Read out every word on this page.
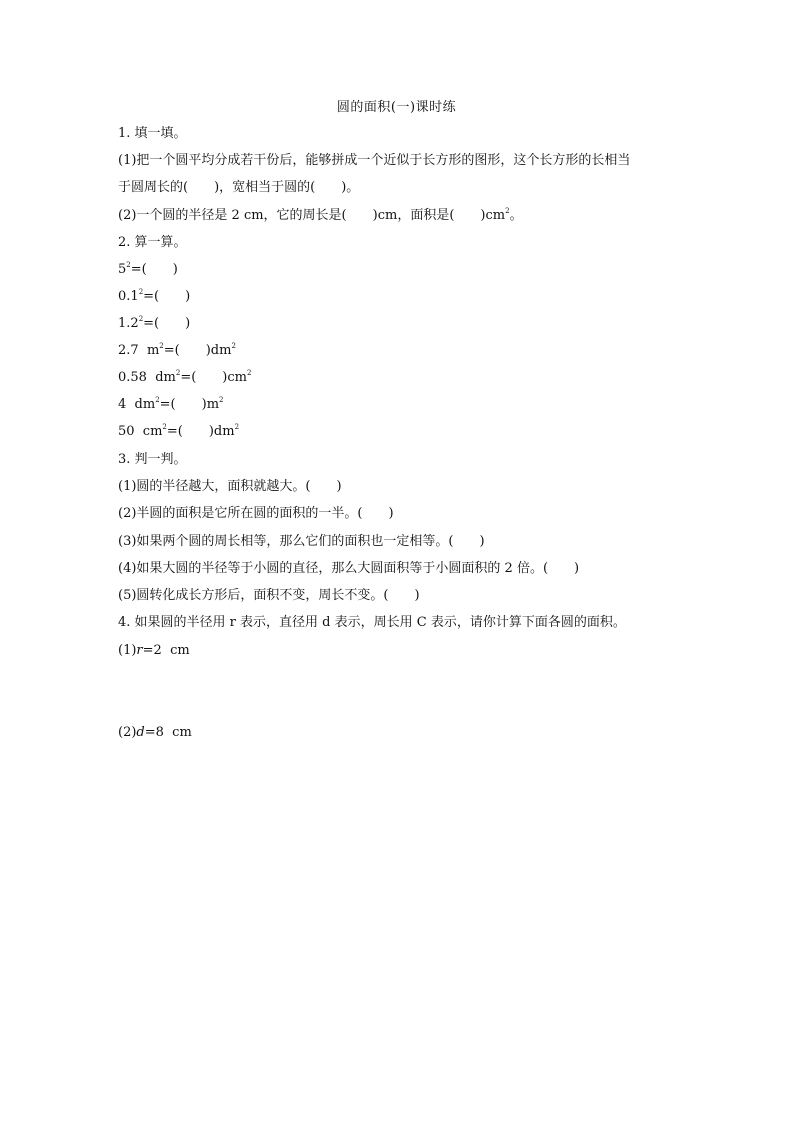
圆的面积(一)课时练
1. 填一填。
(1)把一个圆平均分成若干份后，能够拼成一个近似于长方形的图形，这个长方形的长相当
于圆周长的( )，宽相当于圆的( )。
(2)一个圆的半径是 2 cm，它的周长是( )cm，面积是( )$cm^2$。
2. 算一算。
$5^2=$( )
$0.1^2=$( )
$1.2^2=$( )
2.7  $m^2=$( )$dm^2$
0.58  $dm^2=$( )$cm^2$
4  $dm^2=$( )$m^2$
50  $cm^2=$( )$dm^2$
3. 判一判。
(1)圆的半径越大，面积就越大。( )
(2)半圆的面积是它所在圆的面积的一半。( )
(3)如果两个圆的周长相等，那么它们的面积也一定相等。( )
(4)如果大圆的半径等于小圆的直径，那么大圆面积等于小圆面积的 2 倍。( )
(5)圆转化成长方形后，面积不变，周长不变。( )
4. 如果圆的半径用 r 表示，直径用 d 表示，周长用 C 表示，请你计算下面各圆的面积。
(1)r=2  cm
(2)d=8  cm
